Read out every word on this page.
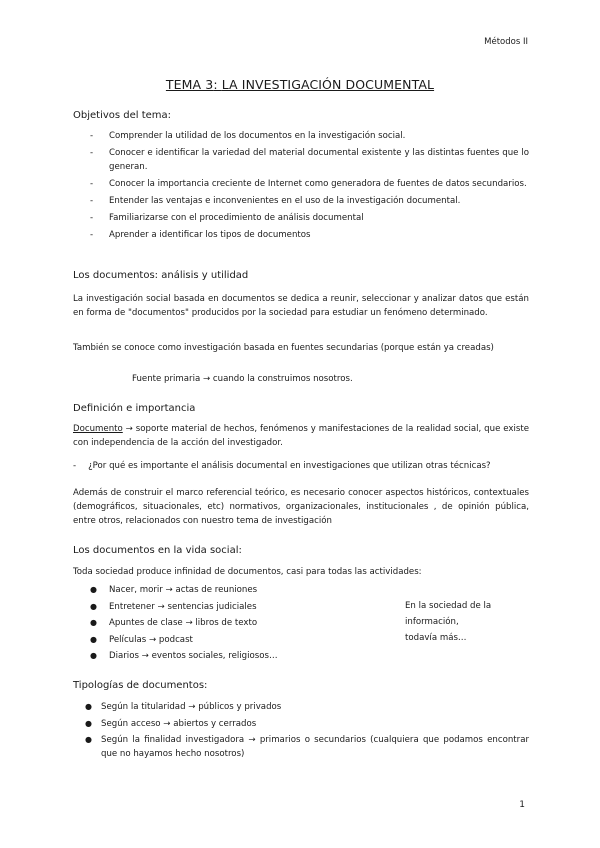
Métodos II
TEMA 3: LA INVESTIGACIÓN DOCUMENTAL
Objetivos del tema:
- Comprender la utilidad de los documentos en la investigación social.
- Conocer e identificar la variedad del material documental existente y las distintas fuentes que lo generan.
- Conocer la importancia creciente de Internet como generadora de fuentes de datos secundarios.
- Entender las ventajas e inconvenientes en el uso de la investigación documental.
- Familiarizarse con el procedimiento de análisis documental
- Aprender a identificar los tipos de documentos
Los documentos: análisis y utilidad
La investigación social basada en documentos se dedica a reunir, seleccionar y analizar datos que están en forma de "documentos" producidos por la sociedad para estudiar un fenómeno determinado.
También se conoce como investigación basada en fuentes secundarias (porque están ya creadas)
Fuente primaria → cuando la construimos nosotros.
Definición e importancia
Documento → soporte material de hechos, fenómenos y manifestaciones de la realidad social, que existe con independencia de la acción del investigador.
- ¿Por qué es importante el análisis documental en investigaciones que utilizan otras técnicas?
Además de construir el marco referencial teórico, es necesario conocer aspectos históricos, contextuales (demográficos, situacionales, etc) normativos, organizacionales, institucionales , de opinión pública, entre otros, relacionados con nuestro tema de investigación
Los documentos en la vida social:
Toda sociedad produce infinidad de documentos, casi para todas las actividades:
● Nacer, morir → actas de reuniones
● Entretener → sentencias judiciales
● Apuntes de clase → libros de texto
● Películas → podcast
● Diarios → eventos sociales, religiosos…
En la sociedad de la
información,
todavía más…
Tipologías de documentos:
● Según la titularidad → públicos y privados
● Según acceso → abiertos y cerrados
● Según la finalidad investigadora → primarios o secundarios (cualquiera que podamos encontrar que no hayamos hecho nosotros)
1
